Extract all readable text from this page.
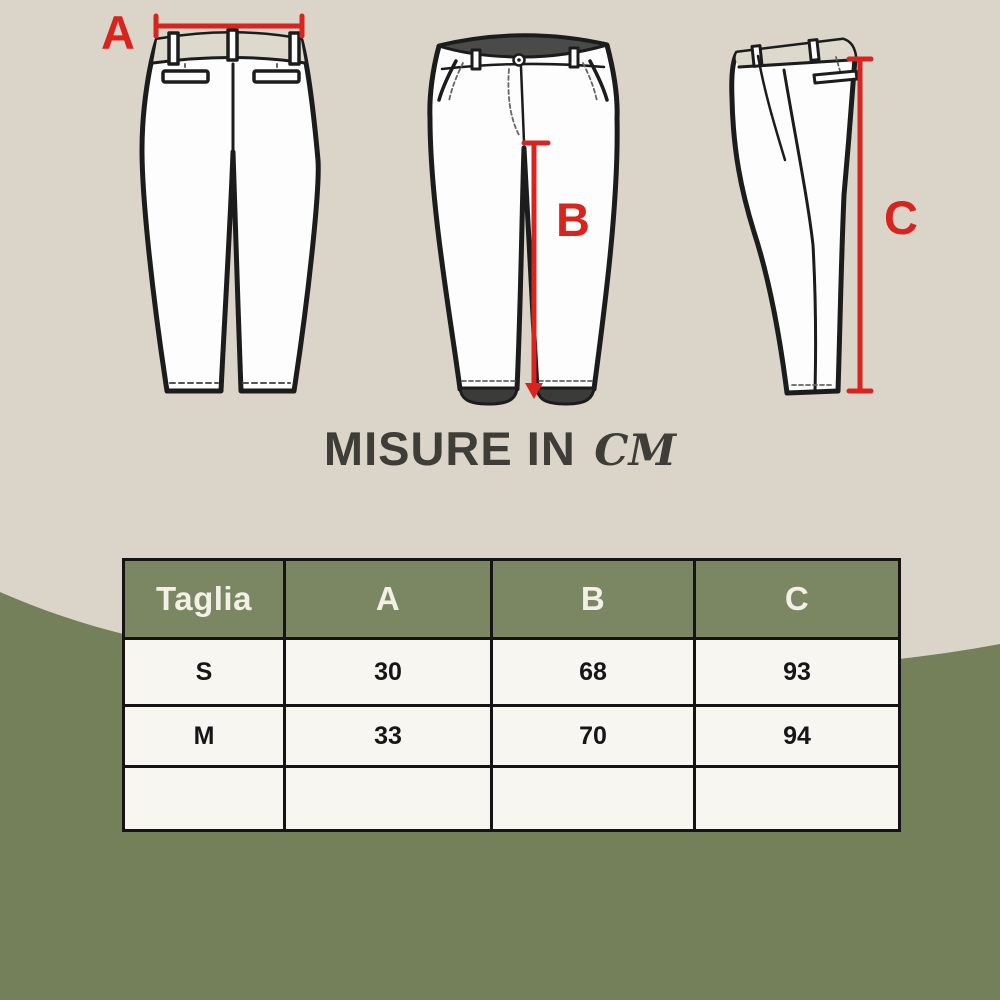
A
B	C
MISURE IN CM
Taglia	A	B	C
S	30	68	93
M	33	70	94
